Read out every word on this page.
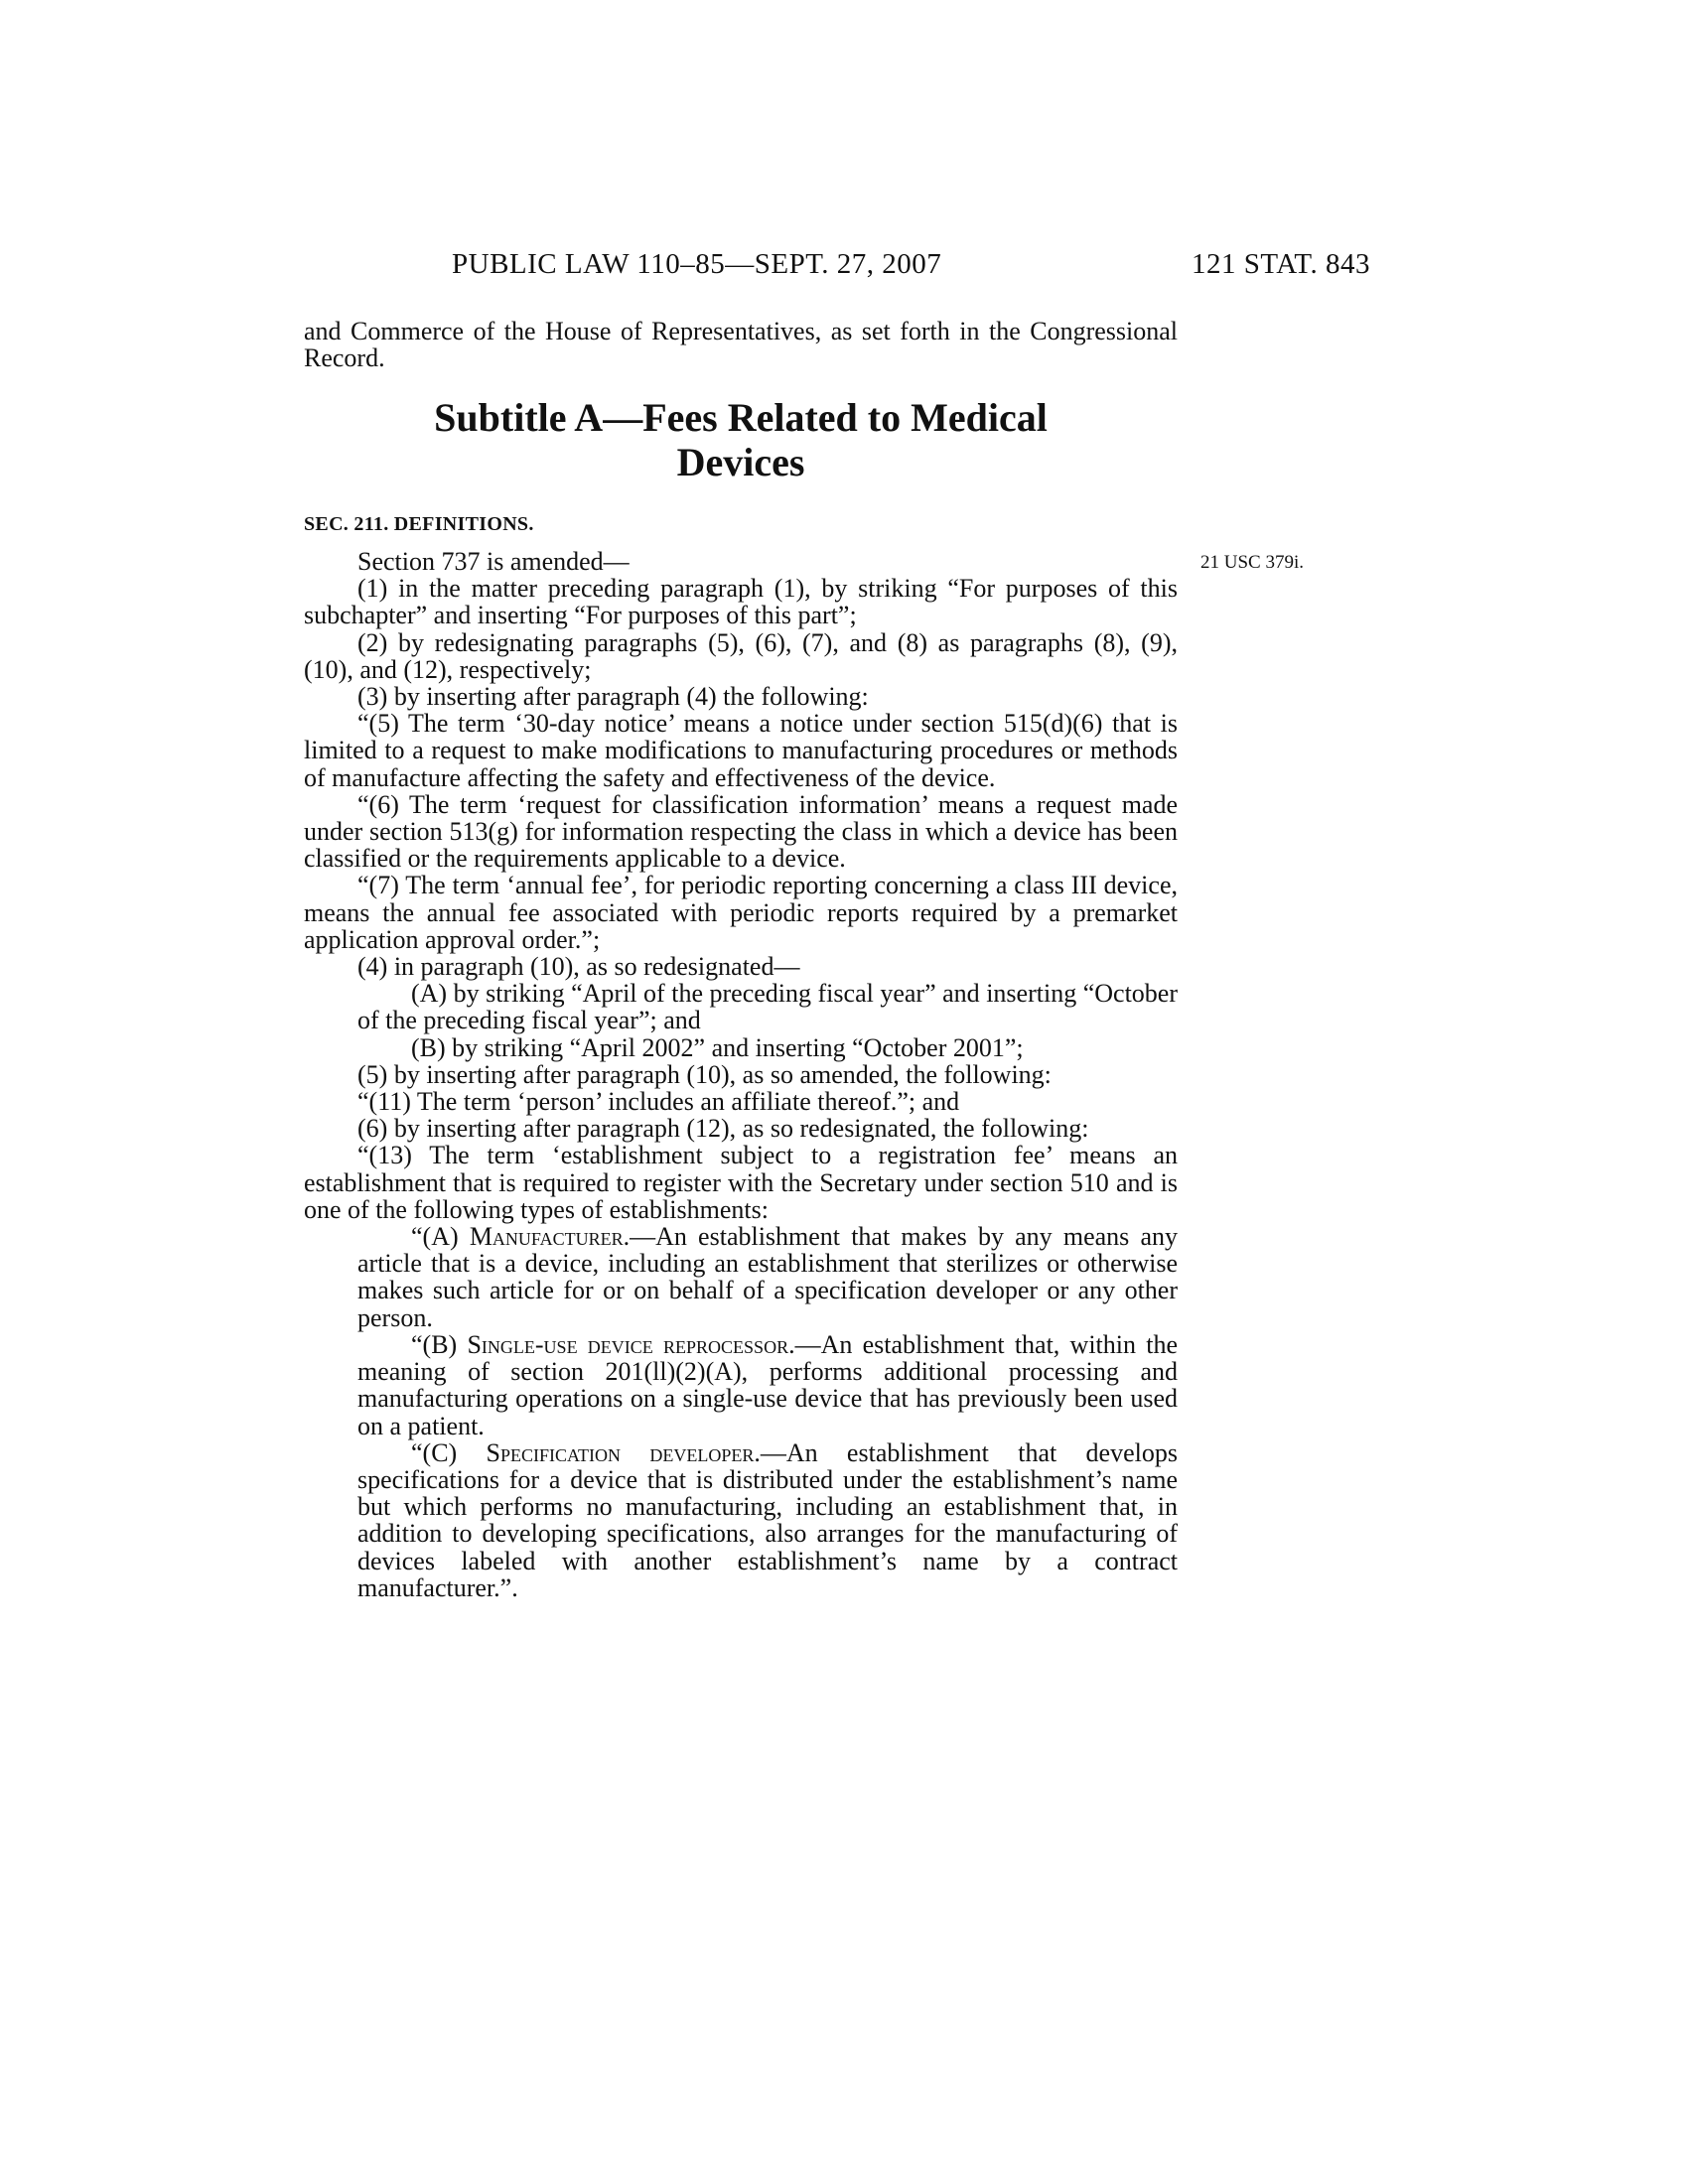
PUBLIC LAW 110–85—SEPT. 27, 2007	121 STAT. 843

and Commerce of the House of Representatives, as set forth in the Congressional Record.

Subtitle A—Fees Related to Medical
Devices
SEC. 211. DEFINITIONS.
21 USC 379i.

Section 737 is amended—

(1) in the matter preceding paragraph (1), by striking “For purposes of this subchapter” and inserting “For purposes of this part”;

(2) by redesignating paragraphs (5), (6), (7), and (8) as paragraphs (8), (9), (10), and (12), respectively;

(3) by inserting after paragraph (4) the following:

“(5) The term ‘30-day notice’ means a notice under section 515(d)(6) that is limited to a request to make modifications to manufacturing procedures or methods of manufacture affecting the safety and effectiveness of the device.

“(6) The term ‘request for classification information’ means a request made under section 513(g) for information respecting the class in which a device has been classified or the requirements applicable to a device.

“(7) The term ‘annual fee’, for periodic reporting concerning a class III device, means the annual fee associated with periodic reports required by a premarket application approval order.”;

(4) in paragraph (10), as so redesignated—

(A) by striking “April of the preceding fiscal year” and inserting “October of the preceding fiscal year”; and

(B) by striking “April 2002” and inserting “October 2001”;

(5) by inserting after paragraph (10), as so amended, the following:

“(11) The term ‘person’ includes an affiliate thereof.”; and

(6) by inserting after paragraph (12), as so redesignated, the following:

“(13) The term ‘establishment subject to a registration fee’ means an establishment that is required to register with the Secretary under section 510 and is one of the following types of establishments:

“(A) Manufacturer.—An establishment that makes by any means any article that is a device, including an establishment that sterilizes or otherwise makes such article for or on behalf of a specification developer or any other person.

“(B) Single-use device reprocessor.—An establishment that, within the meaning of section 201(ll)(2)(A), performs additional processing and manufacturing operations on a single-use device that has previously been used on a patient.

“(C) Specification developer.—An establishment that develops specifications for a device that is distributed under the establishment’s name but which performs no manufacturing, including an establishment that, in addition to developing specifications, also arranges for the manufacturing of devices labeled with another establishment’s name by a contract manufacturer.”.
